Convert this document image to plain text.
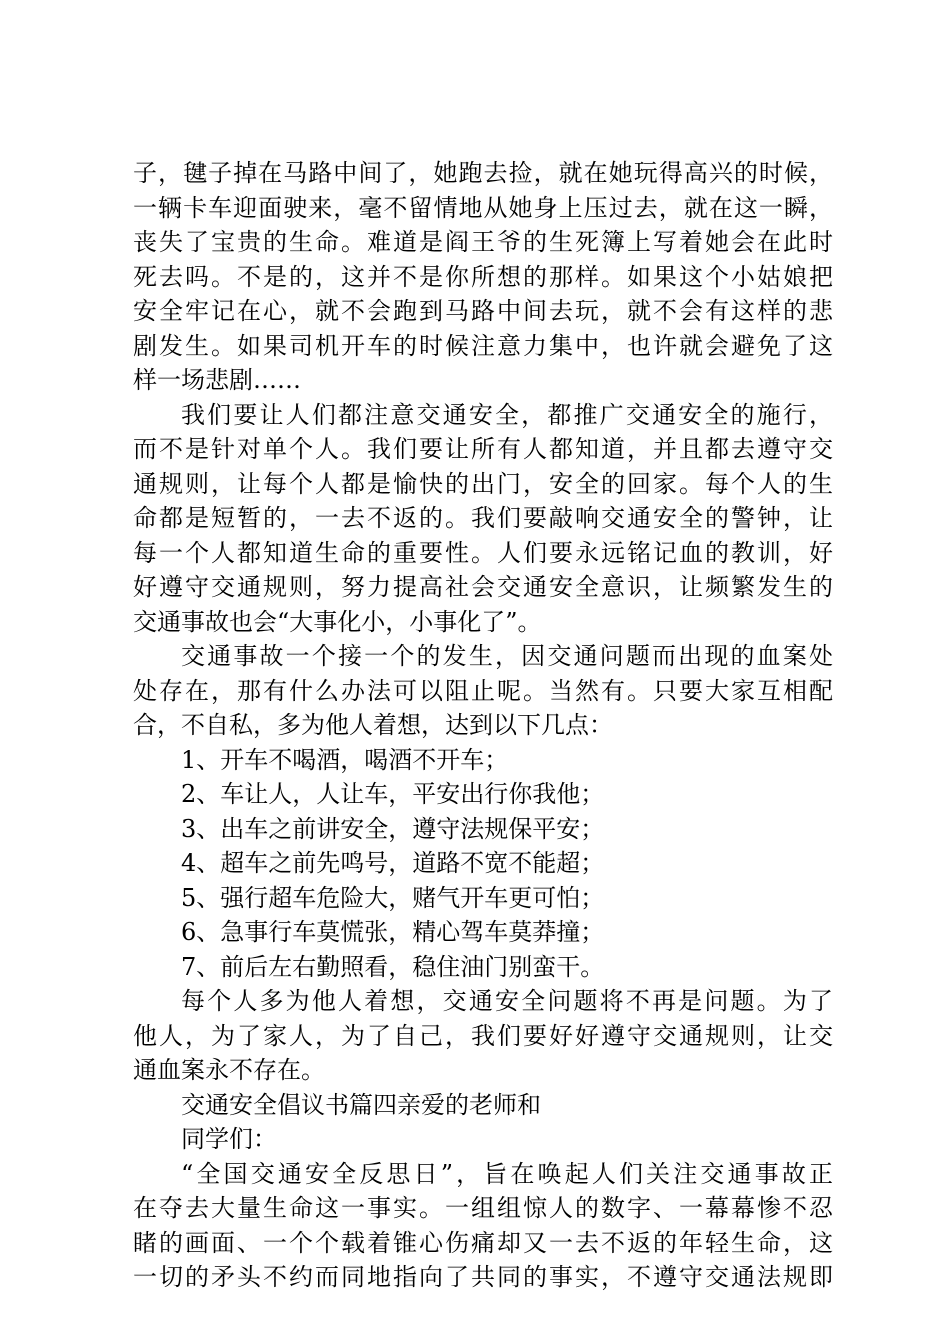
子，毽子掉在马路中间了，她跑去捡，就在她玩得高兴的时候，
一辆卡车迎面驶来，毫不留情地从她身上压过去，就在这一瞬，
丧失了宝贵的生命。难道是阎王爷的生死簿上写着她会在此时
死去吗。不是的，这并不是你所想的那样。如果这个小姑娘把
安全牢记在心，就不会跑到马路中间去玩，就不会有这样的悲
剧发生。如果司机开车的时候注意力集中，也许就会避免了这
样一场悲剧……
我们要让人们都注意交通安全，都推广交通安全的施行，
而不是针对单个人。我们要让所有人都知道，并且都去遵守交
通规则，让每个人都是愉快的出门，安全的回家。每个人的生
命都是短暂的，一去不返的。我们要敲响交通安全的警钟，让
每一个人都知道生命的重要性。人们要永远铭记血的教训，好
好遵守交通规则，努力提高社会交通安全意识，让频繁发生的
交通事故也会“大事化小，小事化了”。
交通事故一个接一个的发生，因交通问题而出现的血案处
处存在，那有什么办法可以阻止呢。当然有。只要大家互相配
合，不自私，多为他人着想，达到以下几点：
1、开车不喝酒，喝酒不开车；
2、车让人，人让车，平安出行你我他；
3、出车之前讲安全，遵守法规保平安；
4、超车之前先鸣号，道路不宽不能超；
5、强行超车危险大，赌气开车更可怕；
6、急事行车莫慌张，精心驾车莫莽撞；
7、前后左右勤照看，稳住油门别蛮干。
每个人多为他人着想，交通安全问题将不再是问题。为了
他人，为了家人，为了自己，我们要好好遵守交通规则，让交
通血案永不存在。
交通安全倡议书篇四亲爱的老师和
同学们：
“全国交通安全反思日”，旨在唤起人们关注交通事故正
在夺去大量生命这一事实。一组组惊人的数字、一幕幕惨不忍
睹的画面、一个个载着锥心伤痛却又一去不返的年轻生命，这
一切的矛头不约而同地指向了共同的事实，不遵守交通法规即
